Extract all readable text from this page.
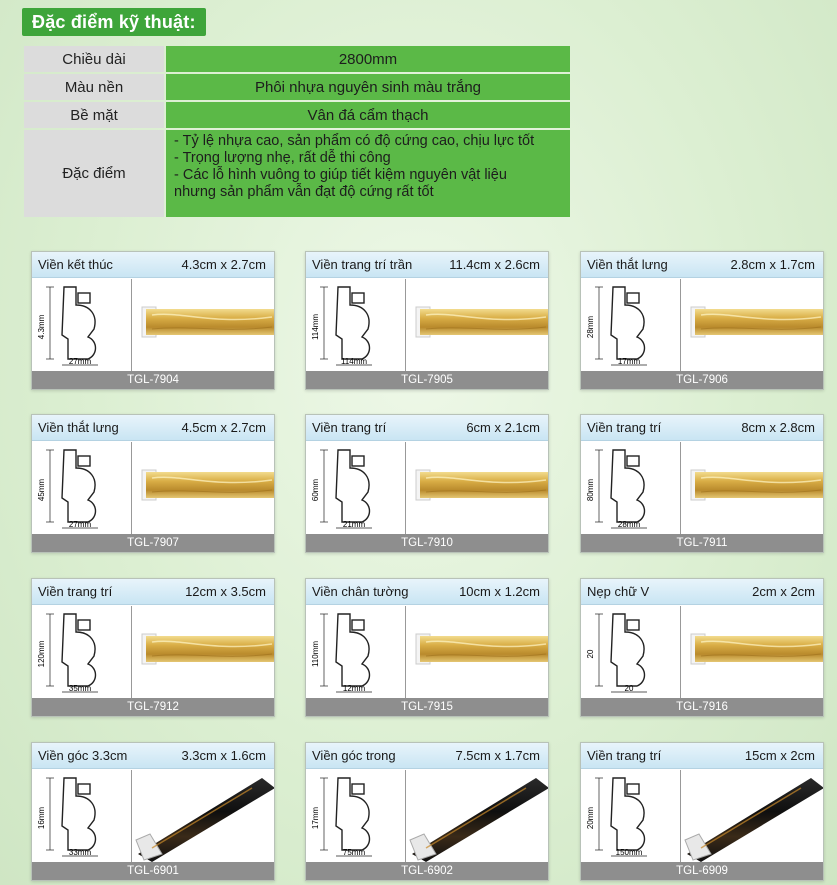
Đặc điểm kỹ thuật:
Chiều dài	2800mm
Màu nền	Phôi nhựa nguyên sinh màu trắng
Bề mặt	Vân đá cẩm thạch
Đặc điểm
- Tỷ lệ nhựa cao, sản phẩm có độ cứng cao, chịu lực tốt
- Trọng lượng nhẹ, rất dễ thi công
- Các lỗ hình vuông to giúp tiết kiệm nguyên vật liệu
nhưng sản phẩm vẫn đạt độ cứng rất tốt
Viền kết thúc	4.3cm x 2.7cm
4.3mm
27mm
TGL-7904
Viền trang trí trần	11.4cm x 2.6cm
114mm
114mm
TGL-7905
Viền thắt lưng	2.8cm x 1.7cm
28mm
17mm
TGL-7906
Viền thắt lưng	4.5cm x 2.7cm
45mm
27mm
TGL-7907
Viền trang trí	6cm x 2.1cm
60mm
21mm
TGL-7910
Viền trang trí	8cm x 2.8cm
80mm
28mm
TGL-7911
Viền trang trí	12cm x 3.5cm
120mm
35mm
TGL-7912
Viền chân tường	10cm x 1.2cm
110mm
12mm
TGL-7915
Nẹp chữ V	2cm x 2cm
20
20
TGL-7916
Viền góc 3.3cm	3.3cm x 1.6cm
16mm
33mm
TGL-6901
Viền góc trong	7.5cm x 1.7cm
17mm
75mm
TGL-6902
Viền trang trí	15cm x 2cm
20mm
150mm
TGL-6909
